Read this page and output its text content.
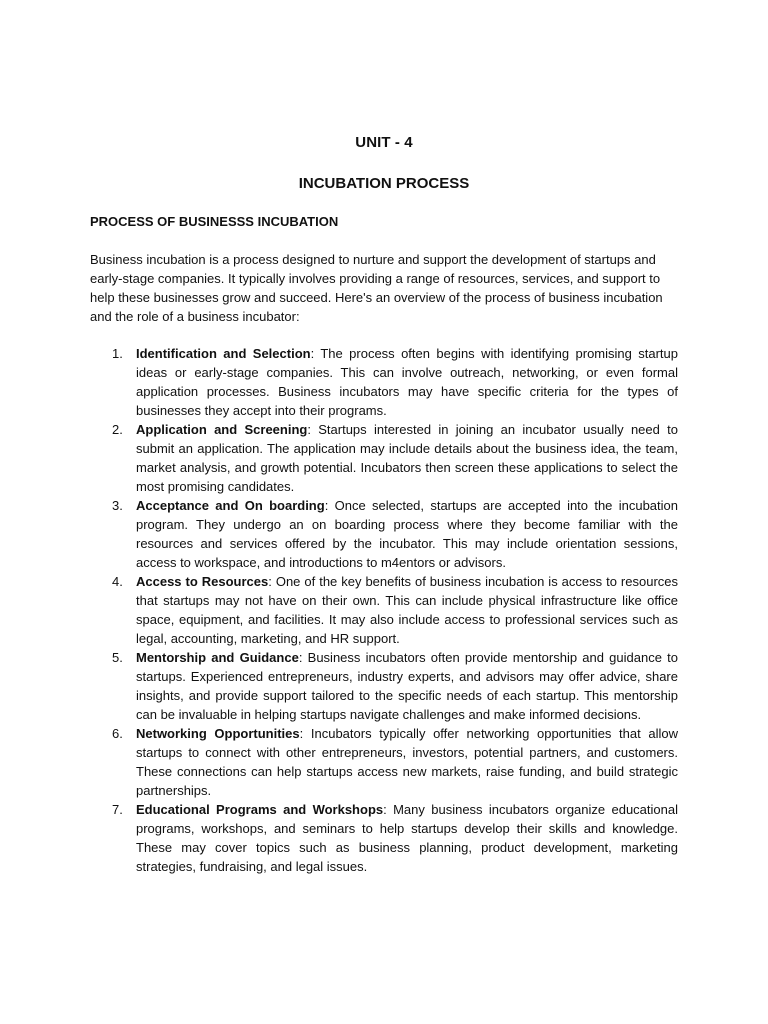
UNIT - 4
INCUBATION PROCESS
PROCESS OF BUSINESSS INCUBATION

Business incubation is a process designed to nurture and support the development of startups and early-stage companies. It typically involves providing a range of resources, services, and support to help these businesses grow and succeed. Here's an overview of the process of business incubation and the role of a business incubator:

1. Identification and Selection: The process often begins with identifying promising startup ideas or early-stage companies. This can involve outreach, networking, or even formal application processes. Business incubators may have specific criteria for the types of businesses they accept into their programs.
2. Application and Screening: Startups interested in joining an incubator usually need to submit an application. The application may include details about the business idea, the team, market analysis, and growth potential. Incubators then screen these applications to select the most promising candidates.
3. Acceptance and On boarding: Once selected, startups are accepted into the incubation program. They undergo an on boarding process where they become familiar with the resources and services offered by the incubator. This may include orientation sessions, access to workspace, and introductions to m4entors or advisors.
4. Access to Resources: One of the key benefits of business incubation is access to resources that startups may not have on their own. This can include physical infrastructure like office space, equipment, and facilities. It may also include access to professional services such as legal, accounting, marketing, and HR support.
5. Mentorship and Guidance: Business incubators often provide mentorship and guidance to startups. Experienced entrepreneurs, industry experts, and advisors may offer advice, share insights, and provide support tailored to the specific needs of each startup. This mentorship can be invaluable in helping startups navigate challenges and make informed decisions.
6. Networking Opportunities: Incubators typically offer networking opportunities that allow startups to connect with other entrepreneurs, investors, potential partners, and customers. These connections can help startups access new markets, raise funding, and build strategic partnerships.
7. Educational Programs and Workshops: Many business incubators organize educational programs, workshops, and seminars to help startups develop their skills and knowledge. These may cover topics such as business planning, product development, marketing strategies, fundraising, and legal issues.
